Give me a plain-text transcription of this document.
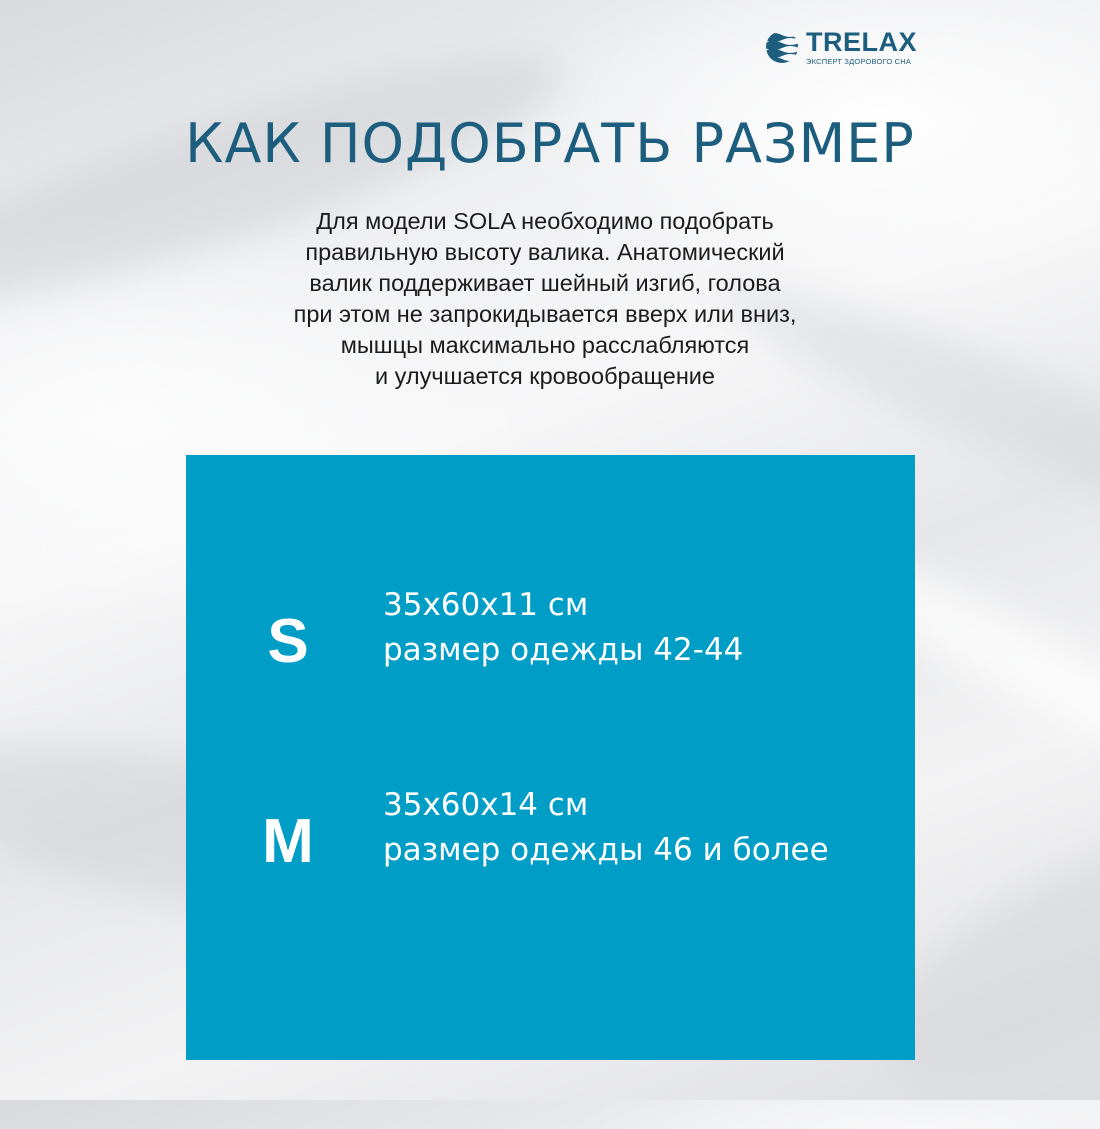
TRELAX
ЭКСПЕРТ ЗДОРОВОГО СНА
КАК ПОДОБРАТЬ РАЗМЕР

Для модели SOLA необходимо подобрать
правильную высоту валика. Анатомический
валик поддерживает шейный изгиб, голова
при этом не запрокидывается вверх или вниз,
мышцы максимально расслабляются
и улучшается кровообращение

S
35x60x11 см
размер одежды 42-44
M
35x60x14 см
размер одежды 46 и более
